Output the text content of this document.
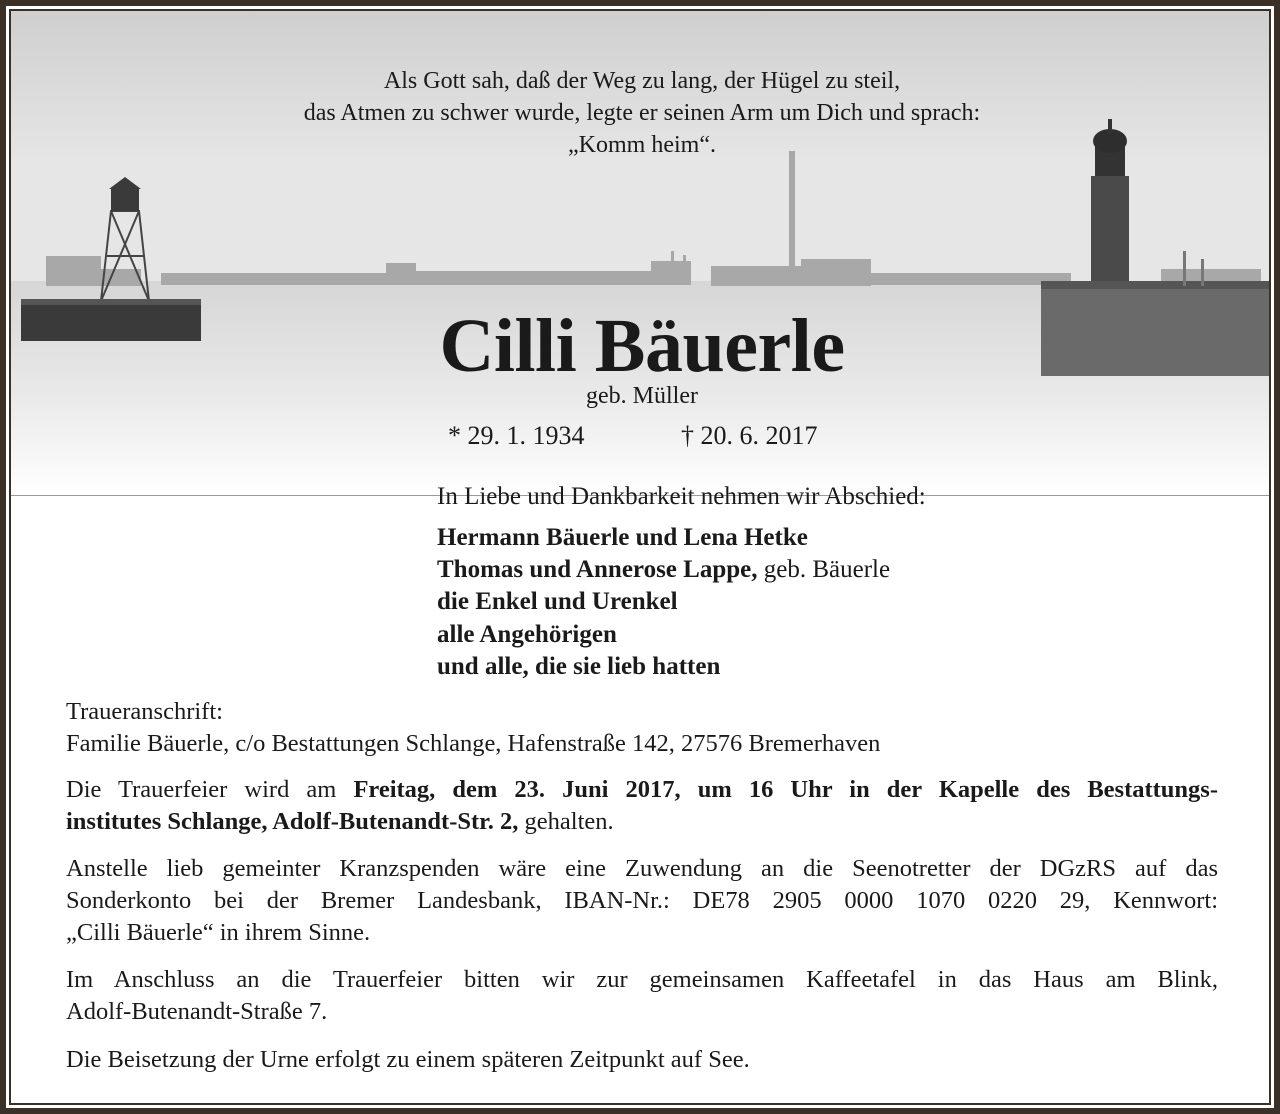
Als Gott sah, daß der Weg zu lang, der Hügel zu steil,

das Atmen zu schwer wurde, legte er seinen Arm um Dich und sprach:

„Komm heim“.

Cilli Bäuerle

geb. Müller

* 29. 1. 1934	† 20. 6. 2017

In Liebe und Dankbarkeit nehmen wir Abschied:

Hermann Bäuerle und Lena Hetke

Thomas und Annerose Lappe, geb. Bäuerle

die Enkel und Urenkel

alle Angehörigen

und alle, die sie lieb hatten

Traueranschrift:
Familie Bäuerle, c/o Bestattungen Schlange, Hafenstraße 142, 27576 Bremerhaven
Die Trauerfeier wird am Freitag, dem 23. Juni 2017, um 16 Uhr in der Kapelle des Bestattungs-
institutes Schlange, Adolf-Butenandt-Str. 2, gehalten.
Anstelle lieb gemeinter Kranzspenden wäre eine Zuwendung an die Seenotretter der DGzRS auf das
Sonderkonto bei der Bremer Landesbank, IBAN-Nr.: DE78 2905 0000 1070 0220 29, Kennwort:
„Cilli Bäuerle“ in ihrem Sinne.
Im Anschluss an die Trauerfeier bitten wir zur gemeinsamen Kaffeetafel in das Haus am Blink,
Adolf-Butenandt-Straße 7.
Die Beisetzung der Urne erfolgt zu einem späteren Zeitpunkt auf See.
